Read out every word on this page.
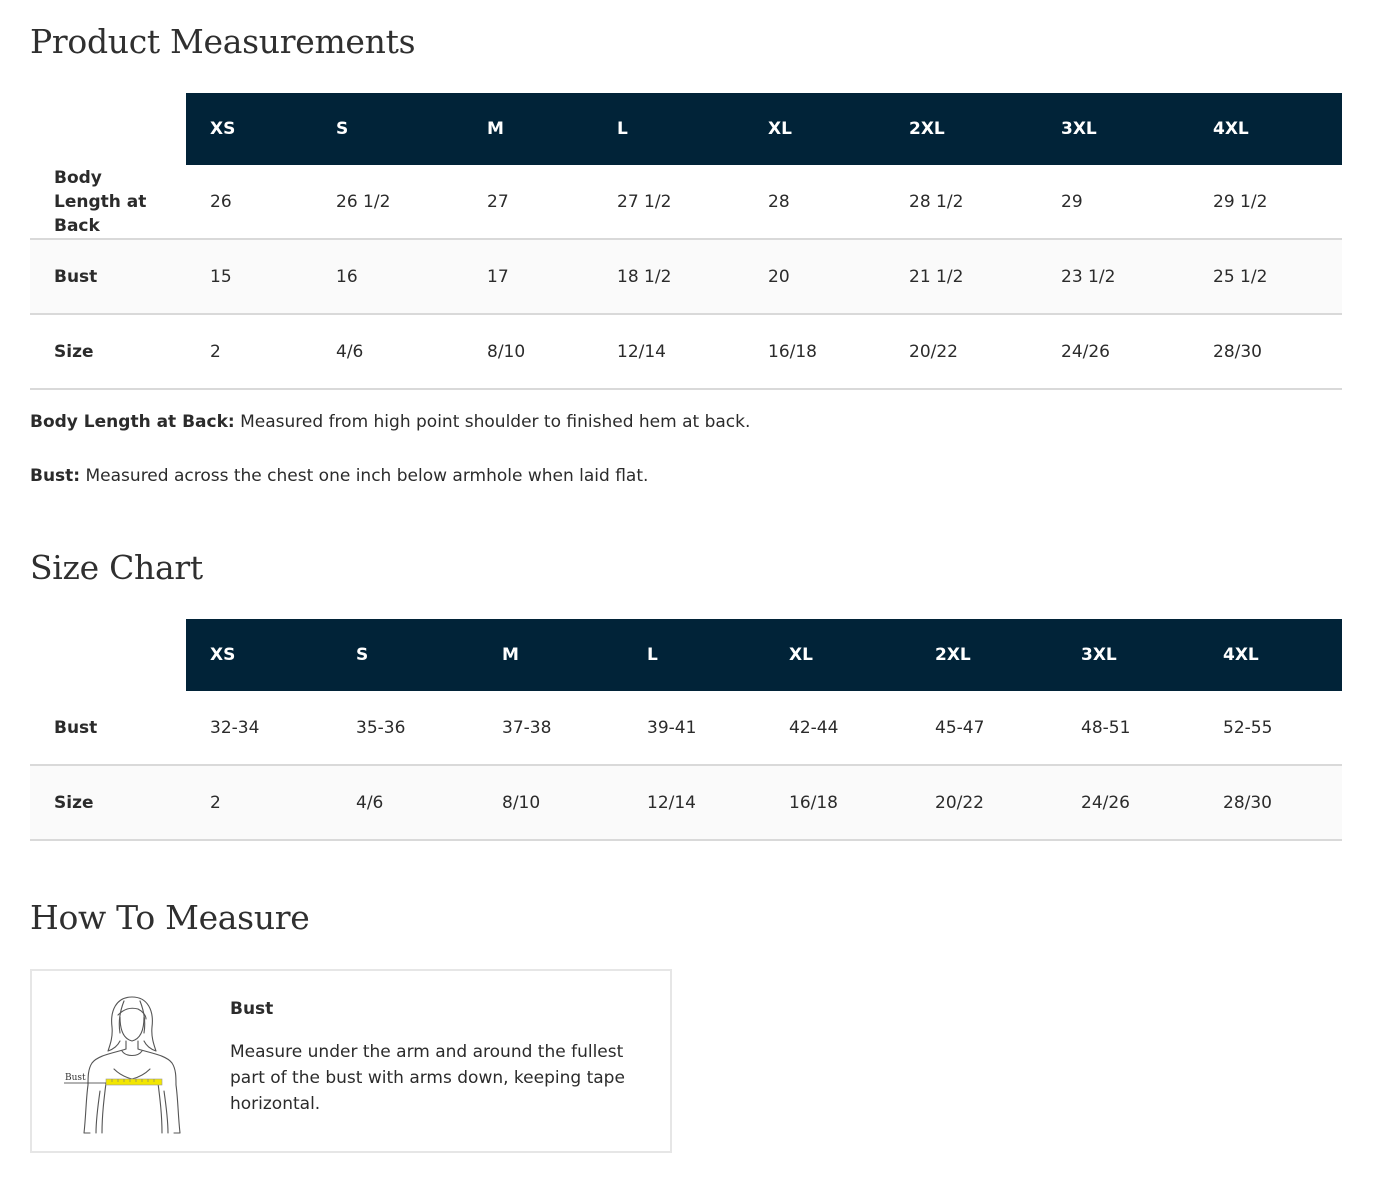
Product Measurements
	XS	S	M	L	XL	2XL	3XL	4XL
Body Length at Back	26	26 1/2	27	27 1/2	28	28 1/2	29	29 1/2
Bust	15	16	17	18 1/2	20	21 1/2	23 1/2	25 1/2
Size	2	4/6	8/10	12/14	16/18	20/22	24/26	28/30

Body Length at Back: Measured from high point shoulder to finished hem at back.

Bust: Measured across the chest one inch below armhole when laid flat.

Size Chart
	XS	S	M	L	XL	2XL	3XL	4XL
Bust	32-34	35-36	37-38	39-41	42-44	45-47	48-51	52-55
Size	2	4/6	8/10	12/14	16/18	20/22	24/26	28/30
How To Measure
Bust

Bust

Measure under the arm and around the fullest part of the bust with arms down, keeping tape horizontal.
